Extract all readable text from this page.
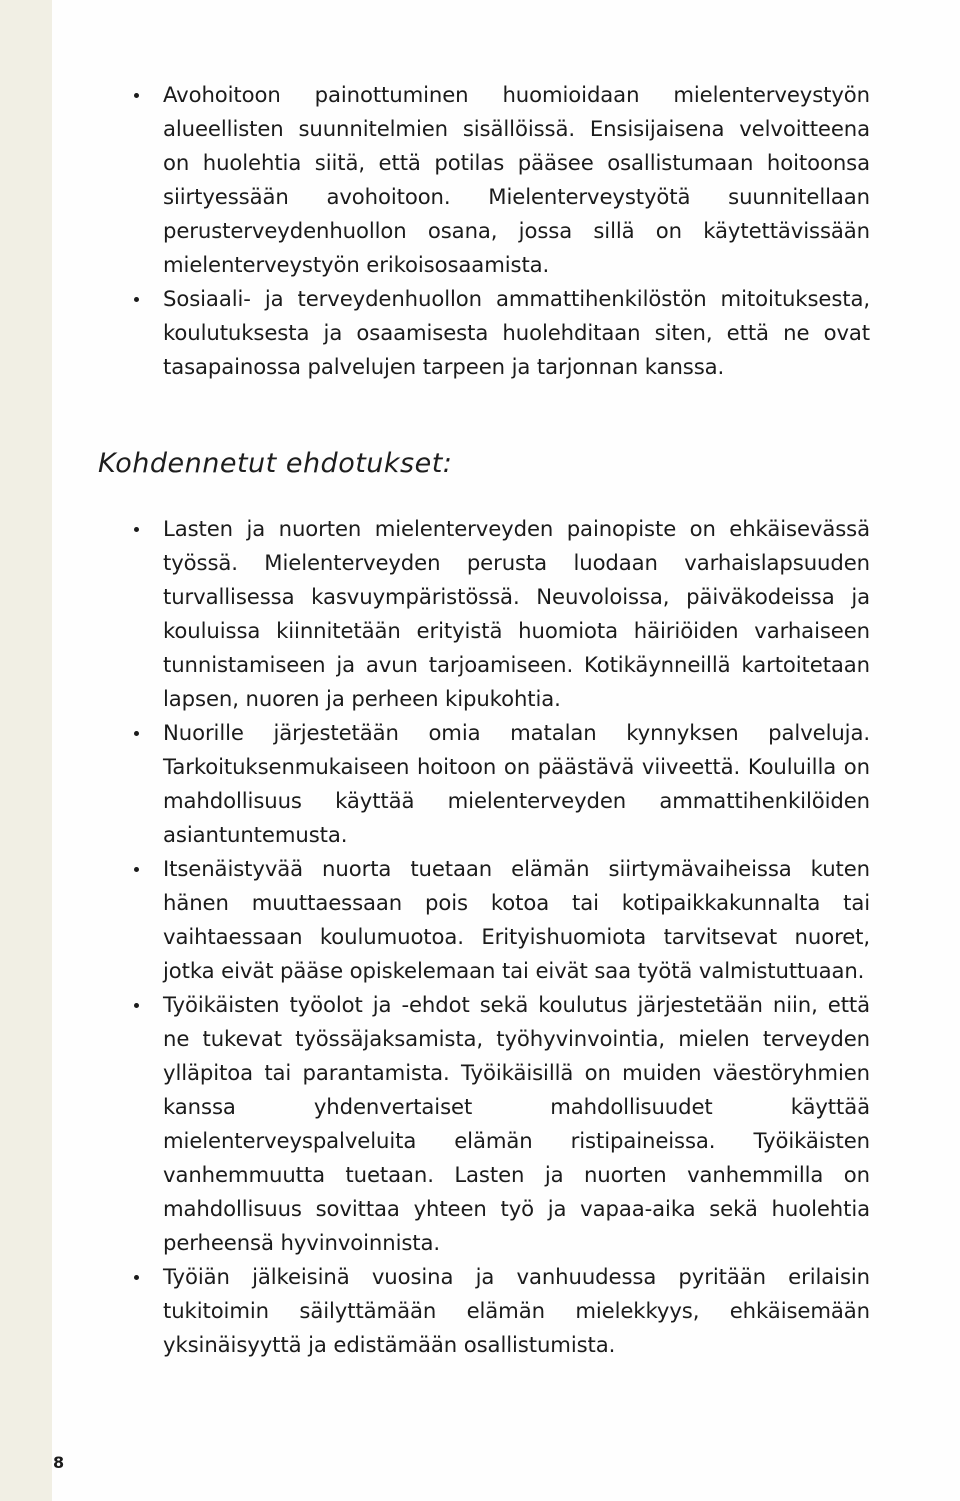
Avohoitoon painottuminen huomioidaan mielenterveystyön alueellisten suunnitelmien sisällöissä. Ensisijaisena velvoitteena on huolehtia siitä, että potilas pääsee osallistumaan hoitoonsa siirtyessään avohoitoon. Mielenterveystyötä suunnitellaan perusterveydenhuollon osana, jossa sillä on käytettävissään mielenterveystyön erikoisosaamista.
Sosiaali- ja terveydenhuollon ammattihenkilöstön mitoituksesta, koulutuksesta ja osaamisesta huolehditaan siten, että ne ovat tasapainossa palvelujen tarpeen ja tarjonnan kanssa.
Kohdennetut ehdotukset:
Lasten ja nuorten mielenterveyden painopiste on ehkäisevässä työssä. Mielenterveyden perusta luodaan varhaislapsuuden turvallisessa kasvuympäristössä. Neuvoloissa, päiväkodeissa ja kouluissa kiinnitetään erityistä huomiota häiriöiden varhaiseen tunnistamiseen ja avun tarjoamiseen. Kotikäynneillä kartoitetaan lapsen, nuoren ja perheen kipukohtia.
Nuorille järjestetään omia matalan kynnyksen palveluja. Tarkoituksenmukaiseen hoitoon on päästävä viiveettä. Kouluilla on mahdollisuus käyttää mielenterveyden ammattihenkilöiden asiantuntemusta.
Itsenäistyvää nuorta tuetaan elämän siirtymävaiheissa kuten hänen muuttaessaan pois kotoa tai kotipaikkakunnalta tai vaihtaessaan koulumuotoa. Erityishuomiota tarvitsevat nuoret, jotka eivät pääse opiskelemaan tai eivät saa työtä valmistuttuaan.
Työikäisten työolot ja -ehdot sekä koulutus järjestetään niin, että ne tukevat työssäjaksamista, työhyvinvointia, mielen terveyden ylläpitoa tai parantamista. Työikäisillä on muiden väestöryhmien kanssa yhdenvertaiset mahdollisuudet käyttää mielenterveyspalveluita elämän ristipaineissa. Työikäisten vanhemmuutta tuetaan. Lasten ja nuorten vanhemmilla on mahdollisuus sovittaa yhteen työ ja vapaa-aika sekä huolehtia perheensä hyvinvoinnista.
Työiän jälkeisinä vuosina ja vanhuudessa pyritään erilaisin tukitoimin säilyttämään elämän mielekkyys, ehkäisemään yksinäisyyttä ja edistämään osallistumista.
8
